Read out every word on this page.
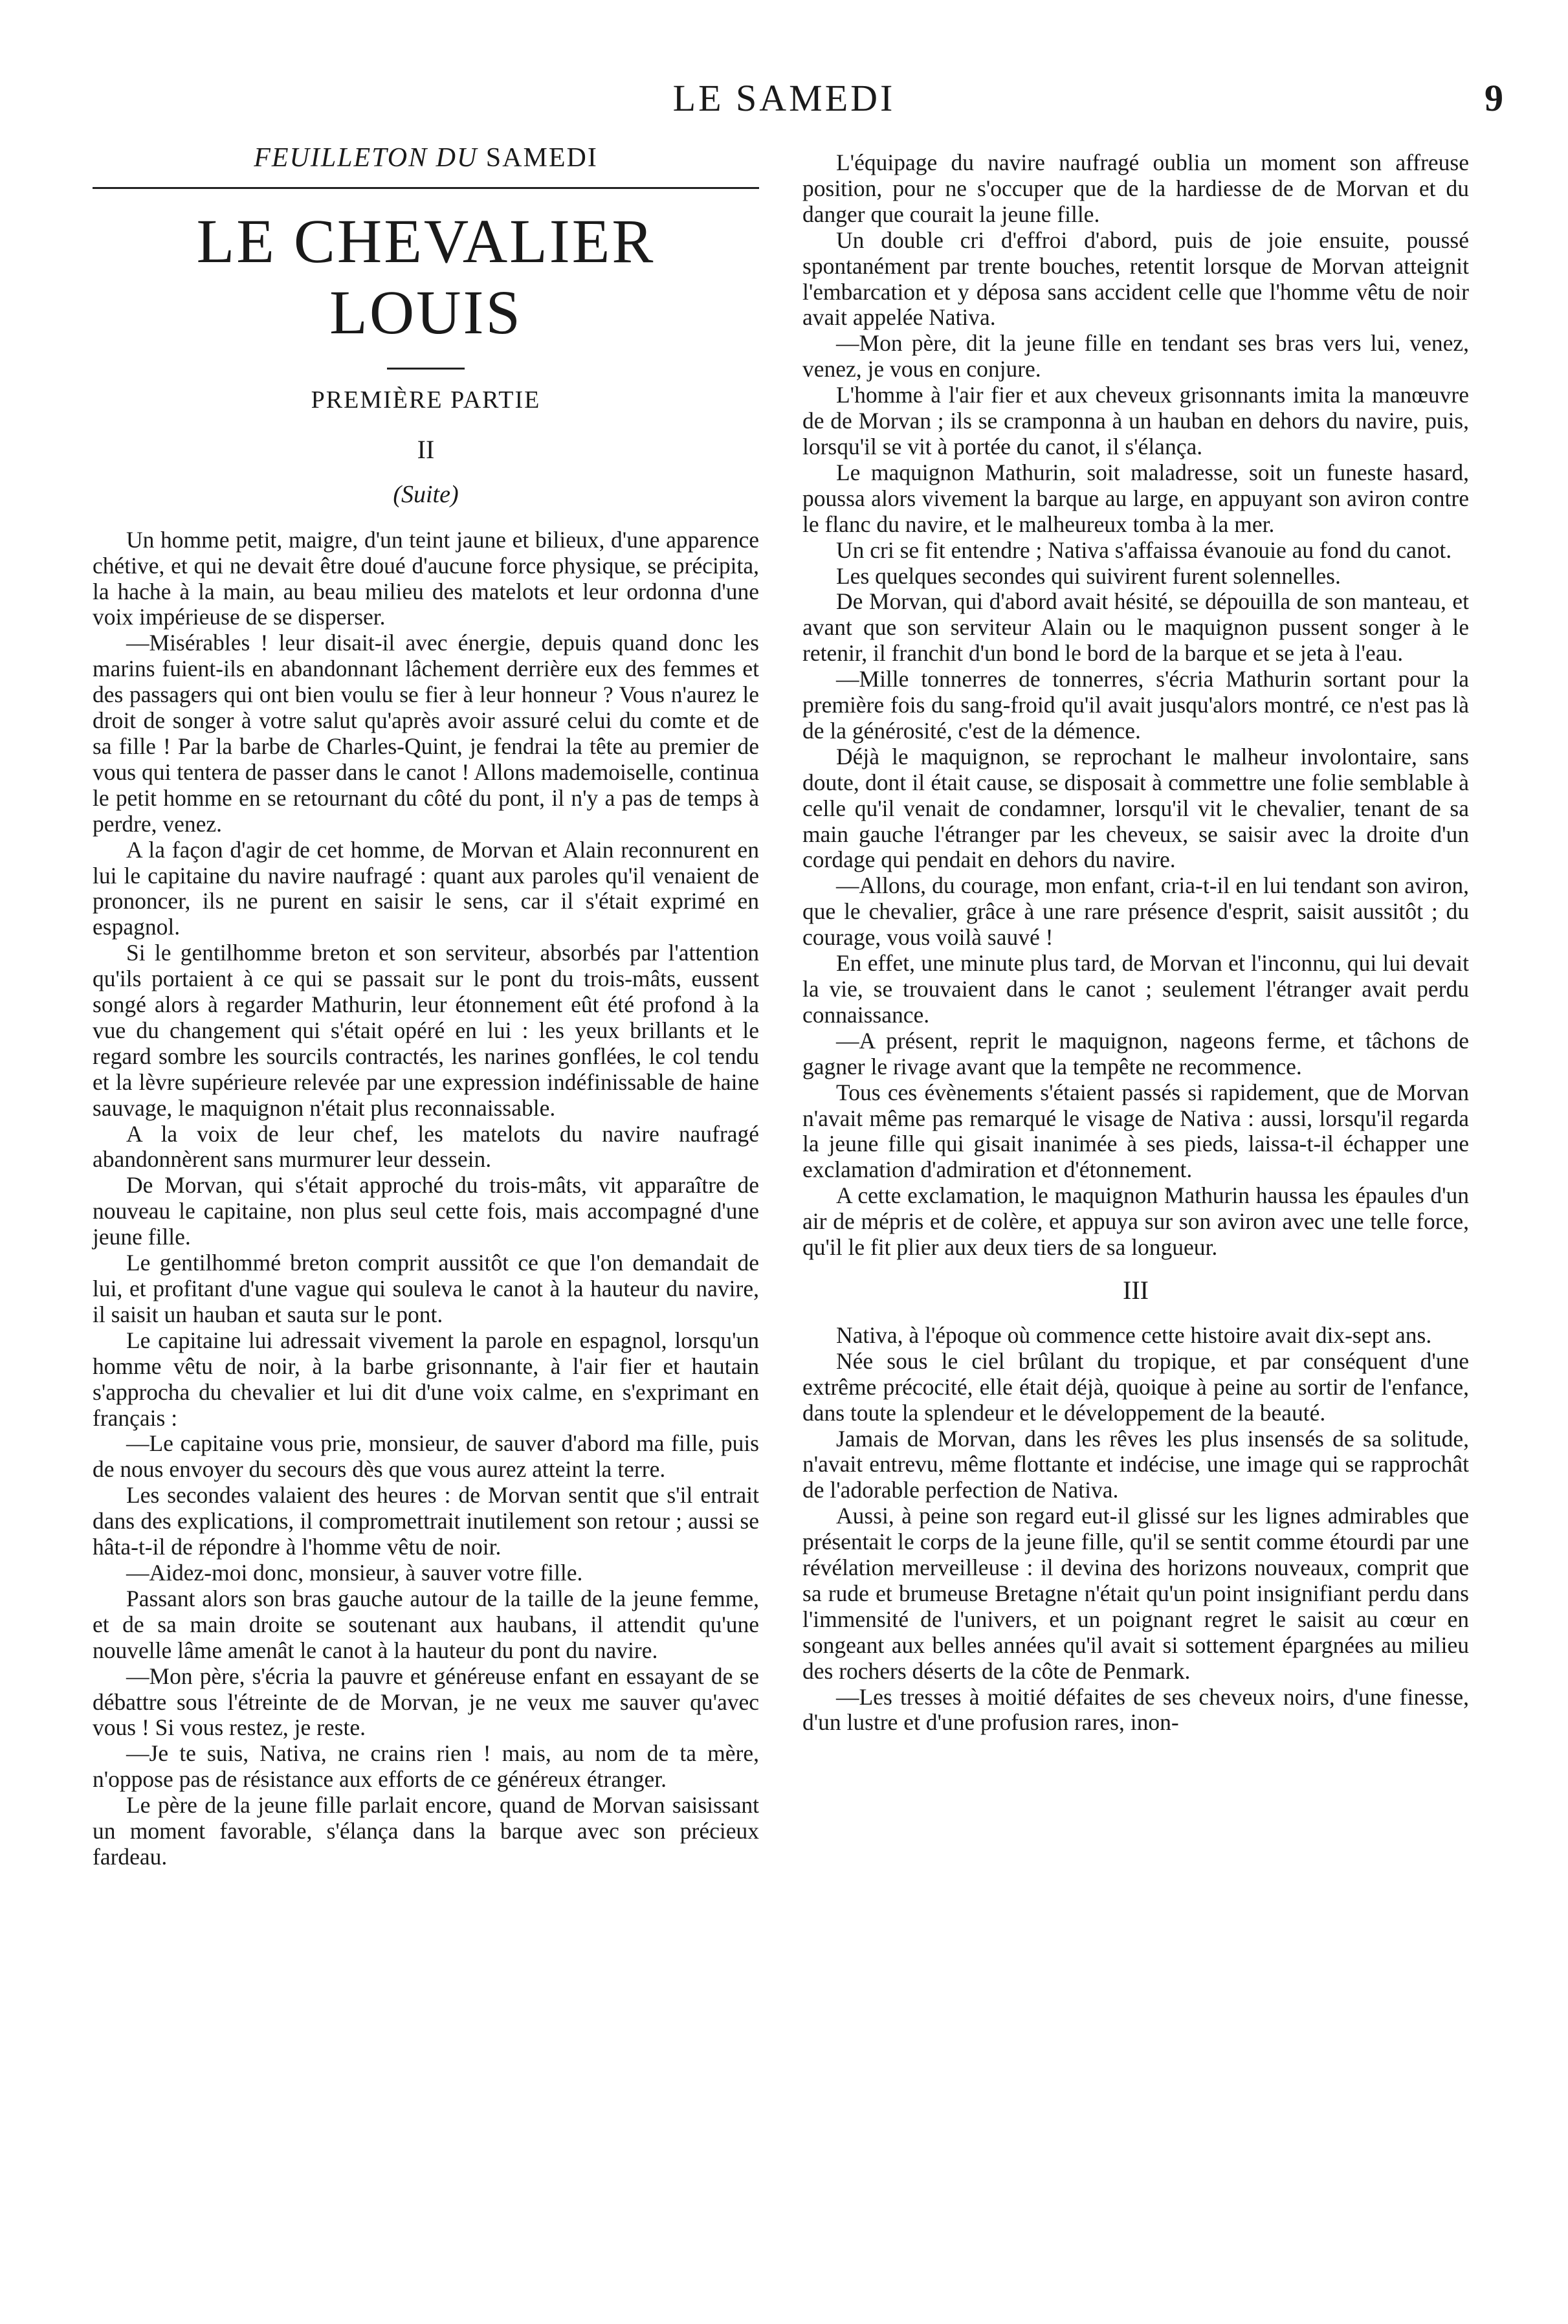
LE SAMEDI	9
FEUILLETON DU SAMEDI
LE CHEVALIER LOUIS
PREMIÈRE PARTIE
II
(Suite)

Un homme petit, maigre, d'un teint jaune et bilieux, d'une apparence chétive, et qui ne devait être doué d'aucune force physique, se précipita, la hache à la main, au beau milieu des matelots et leur ordonna d'une voix impérieuse de se disperser.

—Misérables ! leur disait-il avec énergie, depuis quand donc les marins fuient-ils en abandonnant lâchement derrière eux des femmes et des passagers qui ont bien voulu se fier à leur honneur ? Vous n'aurez le droit de songer à votre salut qu'après avoir assuré celui du comte et de sa fille ! Par la barbe de Charles-Quint, je fendrai la tête au premier de vous qui tentera de passer dans le canot ! Allons mademoiselle, continua le petit homme en se retournant du côté du pont, il n'y a pas de temps à perdre, venez.

A la façon d'agir de cet homme, de Morvan et Alain reconnurent en lui le capitaine du navire naufragé : quant aux paroles qu'il venaient de prononcer, ils ne purent en saisir le sens, car il s'était exprimé en espagnol.

Si le gentilhomme breton et son serviteur, absorbés par l'attention qu'ils portaient à ce qui se passait sur le pont du trois-mâts, eussent songé alors à regarder Mathurin, leur étonnement eût été profond à la vue du changement qui s'était opéré en lui : les yeux brillants et le regard sombre les sourcils contractés, les narines gonflées, le col tendu et la lèvre supérieure relevée par une expression indéfinissable de haine sauvage, le maquignon n'était plus reconnaissable.

A la voix de leur chef, les matelots du navire naufragé abandonnèrent sans murmurer leur dessein.

De Morvan, qui s'était approché du trois-mâts, vit apparaître de nouveau le capitaine, non plus seul cette fois, mais accompagné d'une jeune fille.

Le gentilhommé breton comprit aussitôt ce que l'on demandait de lui, et profitant d'une vague qui souleva le canot à la hauteur du navire, il saisit un hauban et sauta sur le pont.

Le capitaine lui adressait vivement la parole en espagnol, lorsqu'un homme vêtu de noir, à la barbe grisonnante, à l'air fier et hautain s'approcha du chevalier et lui dit d'une voix calme, en s'exprimant en français :

—Le capitaine vous prie, monsieur, de sauver d'abord ma fille, puis de nous envoyer du secours dès que vous aurez atteint la terre.

Les secondes valaient des heures : de Morvan sentit que s'il entrait dans des explications, il compromettrait inutilement son retour ; aussi se hâta-t-il de répondre à l'homme vêtu de noir.

—Aidez-moi donc, monsieur, à sauver votre fille.

Passant alors son bras gauche autour de la taille de la jeune femme, et de sa main droite se soutenant aux haubans, il attendit qu'une nouvelle lâme amenât le canot à la hauteur du pont du navire.

—Mon père, s'écria la pauvre et généreuse enfant en essayant de se débattre sous l'étreinte de de Morvan, je ne veux me sauver qu'avec vous ! Si vous restez, je reste.

—Je te suis, Nativa, ne crains rien ! mais, au nom de ta mère, n'oppose pas de résistance aux efforts de ce généreux étranger.

Le père de la jeune fille parlait encore, quand de Morvan saisissant un moment favorable, s'élança dans la barque avec son précieux fardeau.

L'équipage du navire naufragé oublia un moment son affreuse position, pour ne s'occuper que de la hardiesse de de Morvan et du danger que courait la jeune fille.

Un double cri d'effroi d'abord, puis de joie ensuite, poussé spontanément par trente bouches, retentit lorsque de Morvan atteignit l'embarcation et y déposa sans accident celle que l'homme vêtu de noir avait appelée Nativa.

—Mon père, dit la jeune fille en tendant ses bras vers lui, venez, venez, je vous en conjure.

L'homme à l'air fier et aux cheveux grisonnants imita la manœuvre de de Morvan ; ils se cramponna à un hauban en dehors du navire, puis, lorsqu'il se vit à portée du canot, il s'élança.

Le maquignon Mathurin, soit maladresse, soit un funeste hasard, poussa alors vivement la barque au large, en appuyant son aviron contre le flanc du navire, et le malheureux tomba à la mer.

Un cri se fit entendre ; Nativa s'affaissa évanouie au fond du canot.

Les quelques secondes qui suivirent furent solennelles.

De Morvan, qui d'abord avait hésité, se dépouilla de son manteau, et avant que son serviteur Alain ou le maquignon pussent songer à le retenir, il franchit d'un bond le bord de la barque et se jeta à l'eau.

—Mille tonnerres de tonnerres, s'écria Mathurin sortant pour la première fois du sang-froid qu'il avait jusqu'alors montré, ce n'est pas là de la générosité, c'est de la démence.

Déjà le maquignon, se reprochant le malheur involontaire, sans doute, dont il était cause, se disposait à commettre une folie semblable à celle qu'il venait de condamner, lorsqu'il vit le chevalier, tenant de sa main gauche l'étranger par les cheveux, se saisir avec la droite d'un cordage qui pendait en dehors du navire.

—Allons, du courage, mon enfant, cria-t-il en lui tendant son aviron, que le chevalier, grâce à une rare présence d'esprit, saisit aussitôt ; du courage, vous voilà sauvé !

En effet, une minute plus tard, de Morvan et l'inconnu, qui lui devait la vie, se trouvaient dans le canot ; seulement l'étranger avait perdu connaissance.

—A présent, reprit le maquignon, nageons ferme, et tâchons de gagner le rivage avant que la tempête ne recommence.

Tous ces évènements s'étaient passés si rapidement, que de Morvan n'avait même pas remarqué le visage de Nativa : aussi, lorsqu'il regarda la jeune fille qui gisait inanimée à ses pieds, laissa-t-il échapper une exclamation d'admiration et d'étonnement.

A cette exclamation, le maquignon Mathurin haussa les épaules d'un air de mépris et de colère, et appuya sur son aviron avec une telle force, qu'il le fit plier aux deux tiers de sa longueur.

III

Nativa, à l'époque où commence cette histoire avait dix-sept ans.

Née sous le ciel brûlant du tropique, et par conséquent d'une extrême précocité, elle était déjà, quoique à peine au sortir de l'enfance, dans toute la splendeur et le développement de la beauté.

Jamais de Morvan, dans les rêves les plus insensés de sa solitude, n'avait entrevu, même flottante et indécise, une image qui se rapprochât de l'adorable perfection de Nativa.

Aussi, à peine son regard eut-il glissé sur les lignes admirables que présentait le corps de la jeune fille, qu'il se sentit comme étourdi par une révélation merveilleuse : il devina des horizons nouveaux, comprit que sa rude et brumeuse Bretagne n'était qu'un point insignifiant perdu dans l'immensité de l'univers, et un poignant regret le saisit au cœur en songeant aux belles années qu'il avait si sottement épargnées au milieu des rochers déserts de la côte de Penmark.

—Les tresses à moitié défaites de ses cheveux noirs, d'une finesse, d'un lustre et d'une profusion rares, inon-
